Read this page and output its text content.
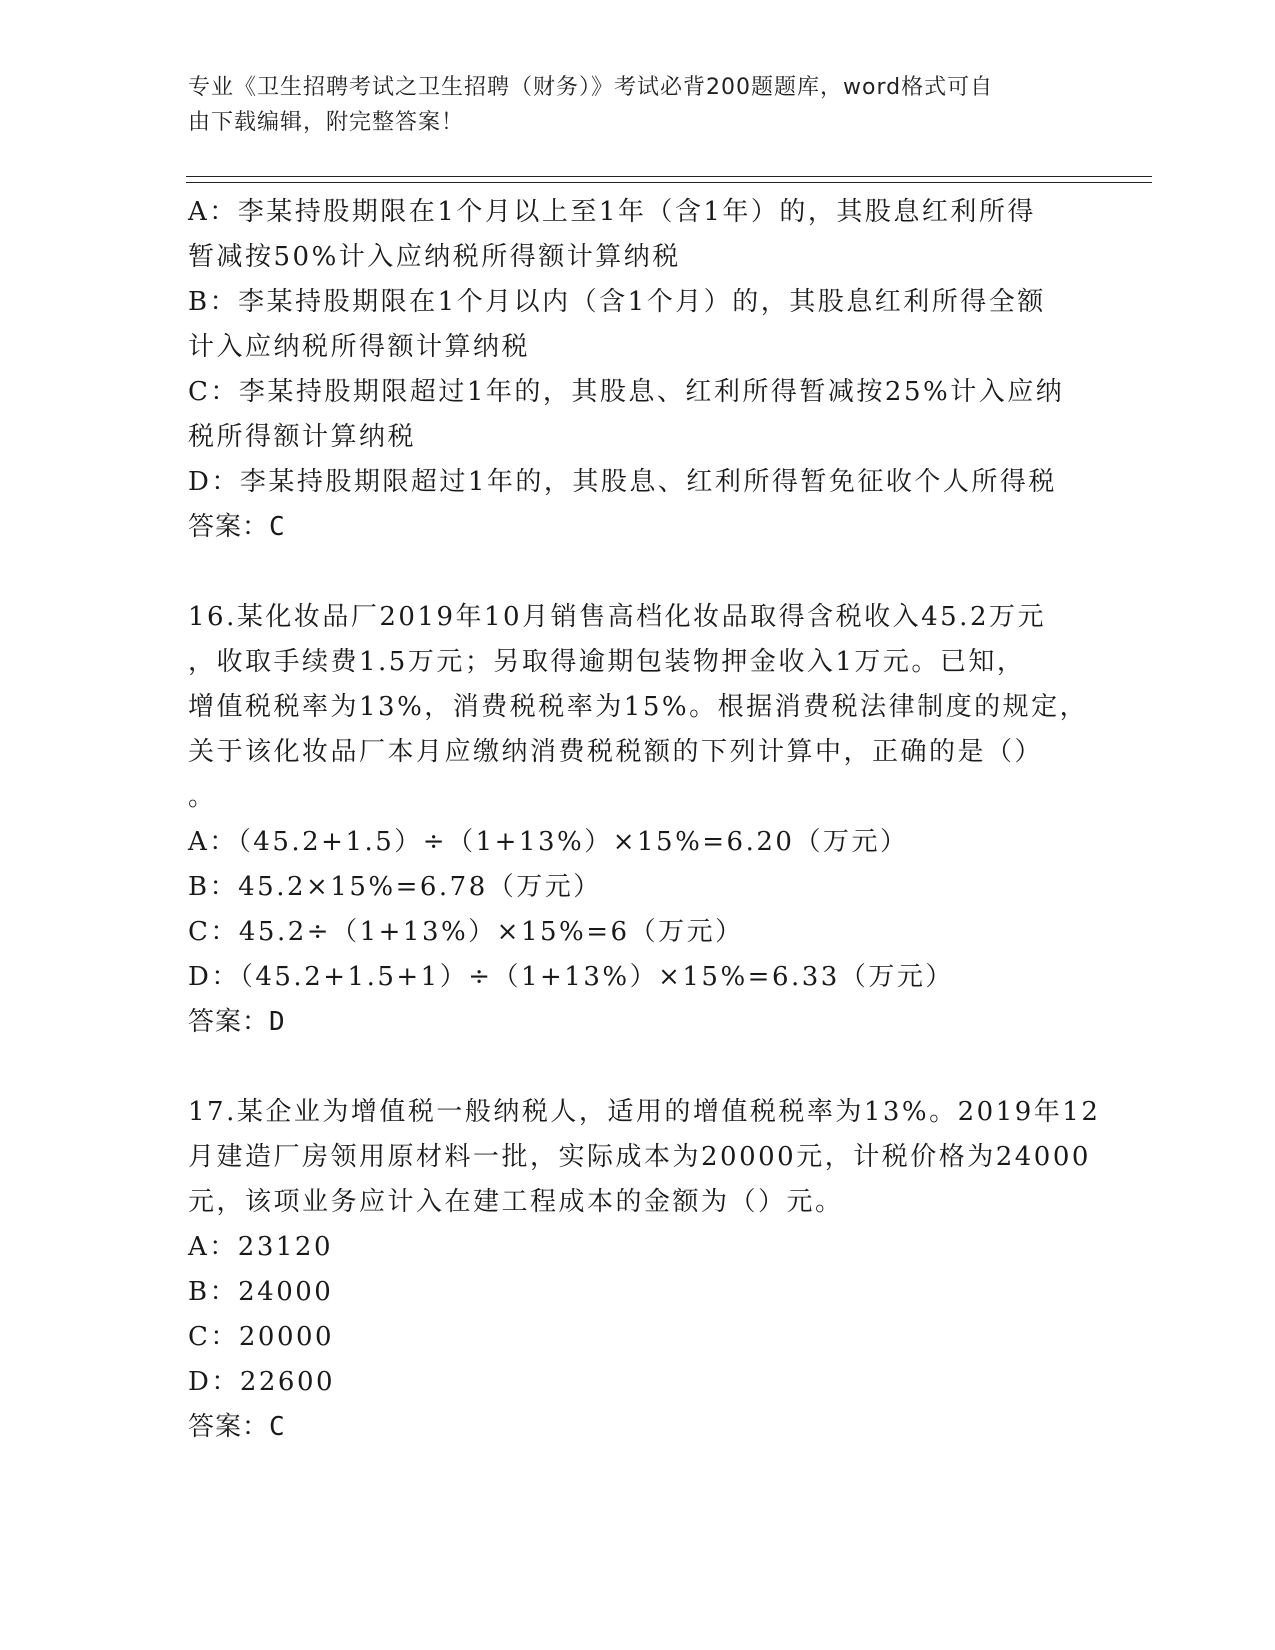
专业《卫生招聘考试之卫生招聘（财务）》考试必背200题题库，word格式可自
由下载编辑，附完整答案！

A：李某持股期限在1个月以上至1年（含1年）的，其股息红利所得

暂减按50%计入应纳税所得额计算纳税

B：李某持股期限在1个月以内（含1个月）的，其股息红利所得全额

计入应纳税所得额计算纳税

C：李某持股期限超过1年的，其股息、红利所得暂减按25%计入应纳

税所得额计算纳税

D：李某持股期限超过1年的，其股息、红利所得暂免征收个人所得税

答案：C

16.某化妆品厂2019年10月销售高档化妆品取得含税收入45.2万元

，收取手续费1.5万元；另取得逾期包装物押金收入1万元。已知，

增值税税率为13%，消费税税率为15%。根据消费税法律制度的规定，

关于该化妆品厂本月应缴纳消费税税额的下列计算中，正确的是（）

。

A：（45.2+1.5）÷（1+13%）×15%=6.20（万元）

B：45.2×15%=6.78（万元）

C：45.2÷（1+13%）×15%=6（万元）

D：（45.2+1.5+1）÷（1+13%）×15%=6.33（万元）

答案：D

17.某企业为增值税一般纳税人，适用的增值税税率为13%。2019年12

月建造厂房领用原材料一批，实际成本为20000元，计税价格为24000

元，该项业务应计入在建工程成本的金额为（）元。

A：23120

B：24000

C：20000

D：22600

答案：C
